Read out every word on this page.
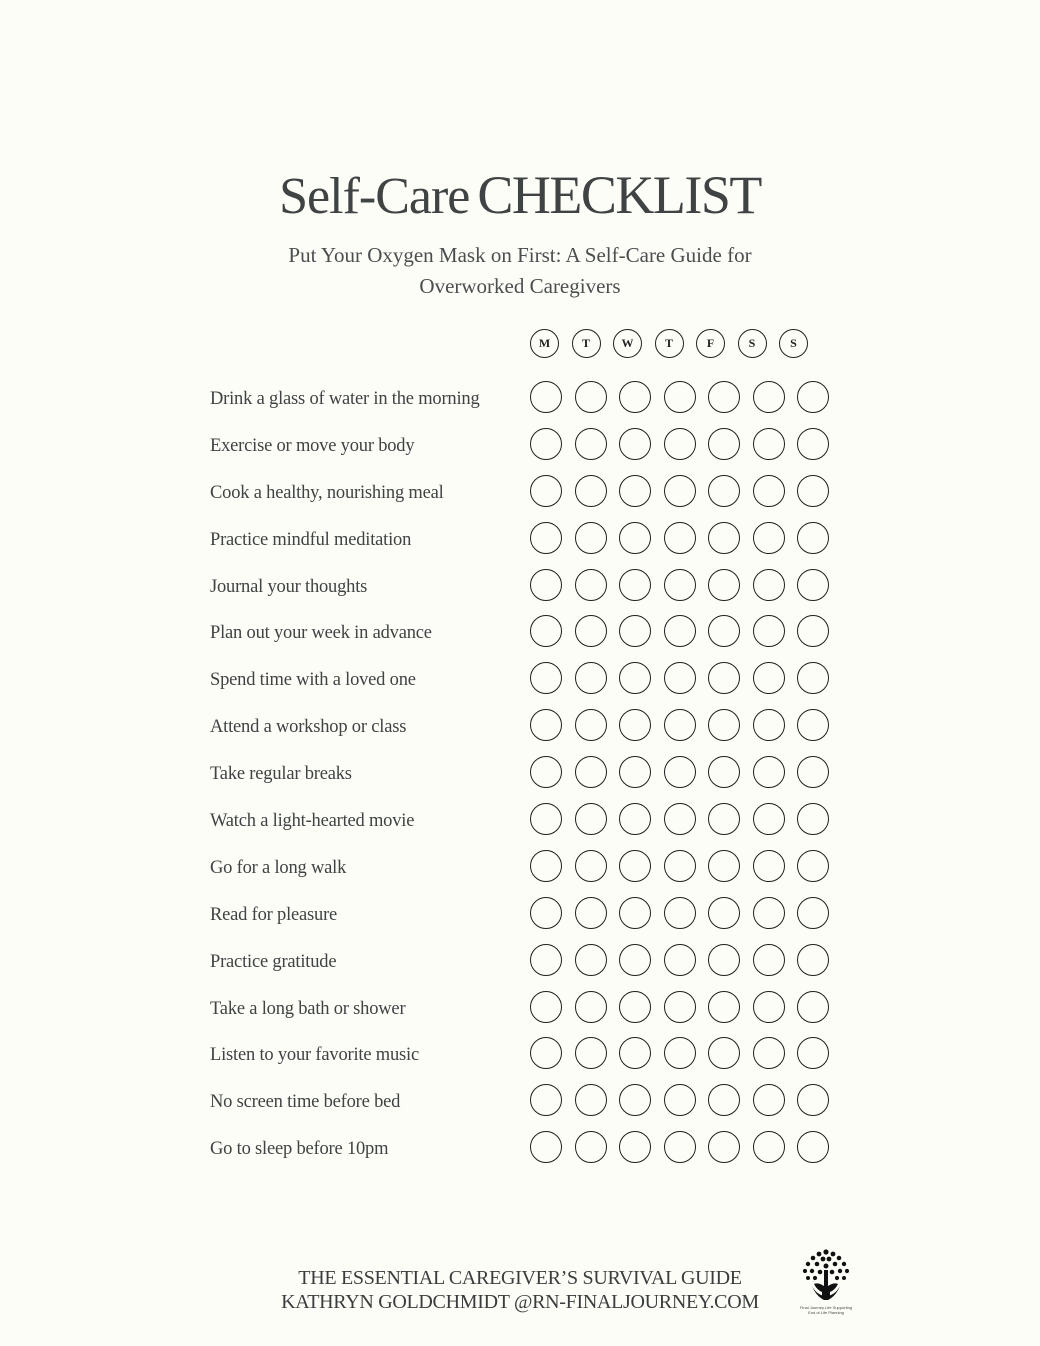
Self-Care CHECKLIST
Put Your Oxygen Mask on First: A Self-Care Guide for Overworked Caregivers
M	T	W	T	F	S	S
Drink a glass of water in the morning
Exercise or move your body
Cook a healthy, nourishing meal
Practice mindful meditation
Journal your thoughts
Plan out your week in advance
Spend time with a loved one
Attend a workshop or class
Take regular breaks
Watch a light-hearted movie
Go for a long walk
Read for pleasure
Practice gratitude
Take a long bath or shower
Listen to your favorite music
No screen time before bed
Go to sleep before 10pm
THE ESSENTIAL CAREGIVER’S SURVIVAL GUIDE
KATHRYN GOLDCHMIDT @RN-FINALJOURNEY.COM	Final Journey Life Supporting End of Life Planning
